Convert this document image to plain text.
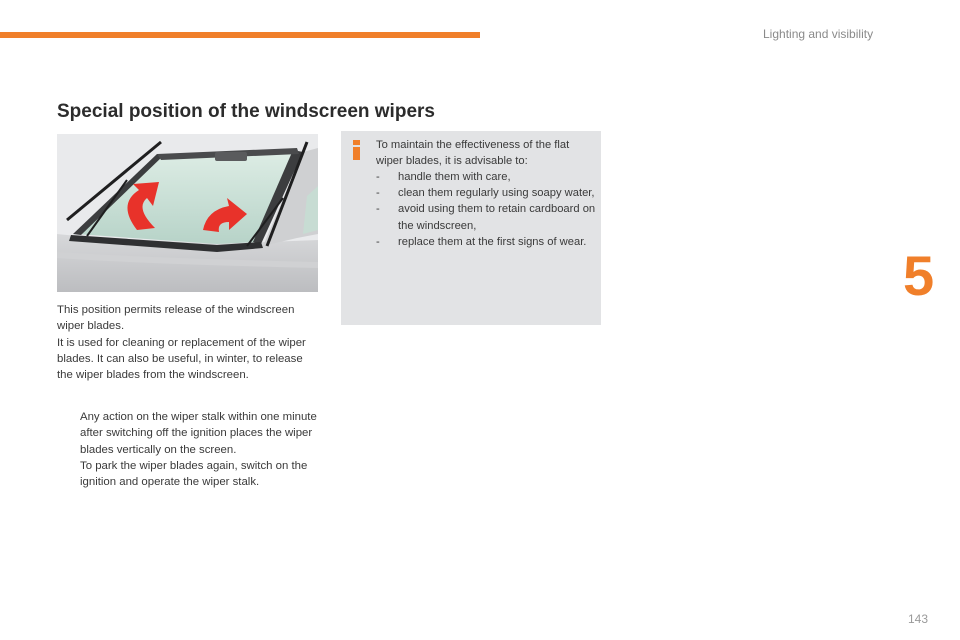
Lighting and visibility
Special position of the windscreen wipers

This position permits release of the windscreen wiper blades.
It is used for cleaning or replacement of the wiper blades. It can also be useful, in winter, to release the wiper blades from the windscreen.

Any action on the wiper stalk within one minute after switching off the ignition places the wiper blades vertically on the screen.
To park the wiper blades again, switch on the ignition and operate the wiper stalk.

To maintain the effectiveness of the flat wiper blades, it is advisable to:

- handle them with care,
- clean them regularly using soapy water,
- avoid using them to retain cardboard on the windscreen,
- replace them at the first signs of wear.
5
143
